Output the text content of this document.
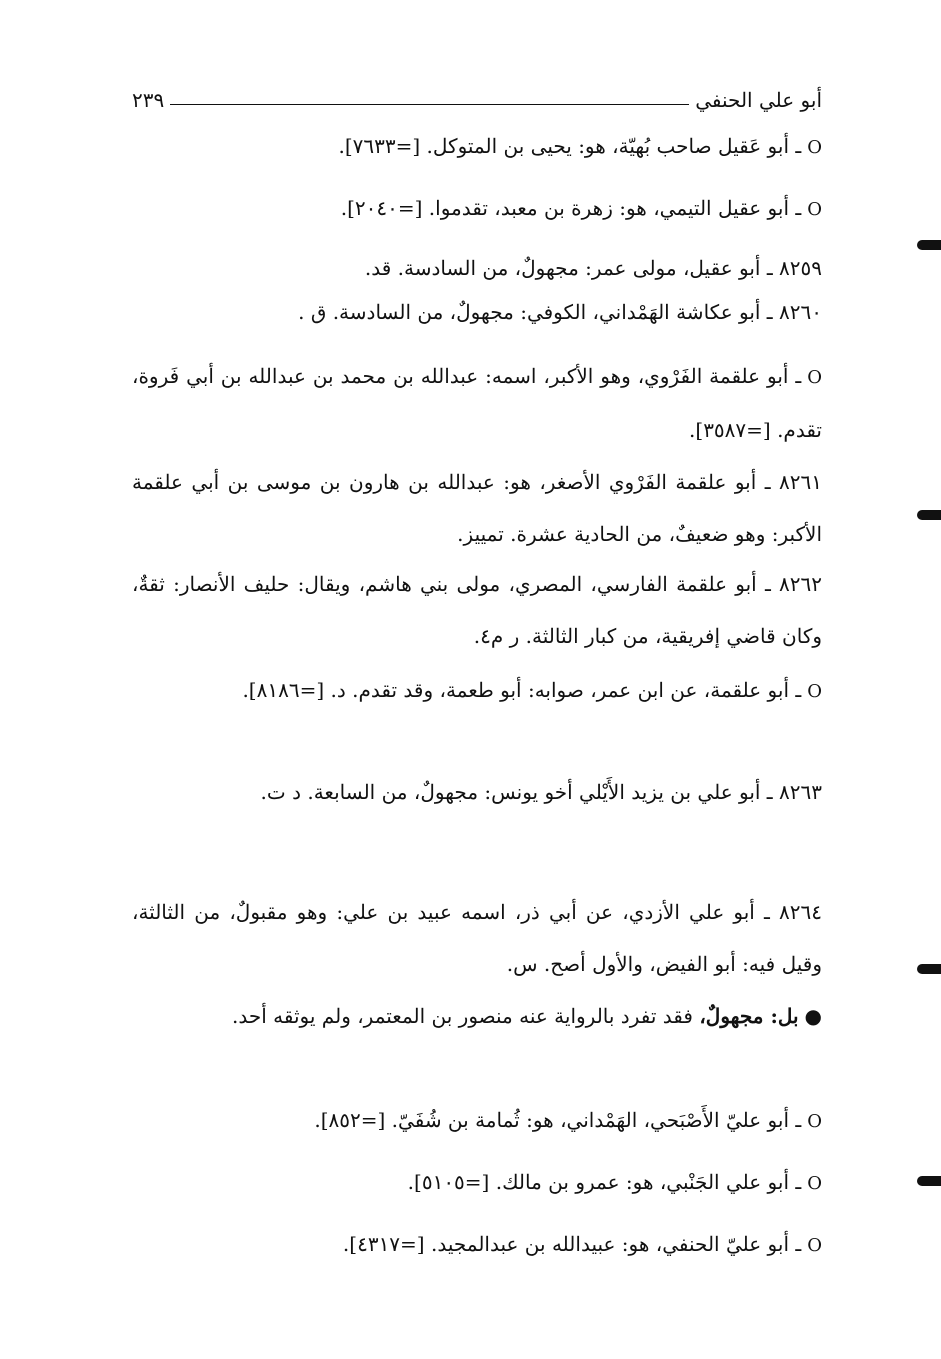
أبو علي الحنفي
٢٣٩
Oـ أبو عَقيل صاحب بُهيّة، هو: يحيى بن المتوكل. [=٧٦٣٣].
Oـ أبو عقيل التيمي، هو: زهرة بن معبد، تقدموا. [=٢٠٤٠].
٨٢٥٩ ـ أبو عقيل، مولى عمر: مجهولٌ، من السادسة. قد.
٨٢٦٠ ـ أبو عكاشة الهَمْداني، الكوفي: مجهولٌ، من السادسة. ق .
Oـ أبو علقمة الفَرْوي، وهو الأكبر، اسمه: عبدالله بن محمد بن عبدالله بن أبي فَروة، تقدم. [=٣٥٨٧].
٨٢٦١ ـ أبو علقمة الفَرْوي الأصغر، هو: عبدالله بن هارون بن موسى بن أبي علقمة الأكبر: وهو ضعيفٌ، من الحادية عشرة. تمييز.
٨٢٦٢ ـ أبو علقمة الفارسي، المصري، مولى بني هاشم، ويقال: حليف الأنصار: ثقةٌ، وكان قاضي إفريقية، من كبار الثالثة. ر م٤.
Oـ أبو علقمة، عن ابن عمر، صوابه: أبو طعمة، وقد تقدم. د. [=٨١٨٦].
٨٢٦٣ ـ أبو علي بن يزيد الأَيْلي أخو يونس: مجهولٌ، من السابعة. د ت.
٨٢٦٤ ـ أبو علي الأزدي، عن أبي ذر، اسمه عبيد بن علي: وهو مقبولٌ، من الثالثة، وقيل فيه: أبو الفيض، والأول أصح. س.
●بل: مجهولٌ، فقد تفرد بالرواية عنه منصور بن المعتمر، ولم يوثقه أحد.
Oـ أبو عليّ الأَصْبَحي، الهَمْداني، هو: ثُمامة بن شُفَيّ. [=٨٥٢].
Oـ أبو علي الجَنْبي، هو: عمرو بن مالك. [=٥١٠٥].
Oـ أبو عليّ الحنفي، هو: عبيدالله بن عبدالمجيد. [=٤٣١٧].
